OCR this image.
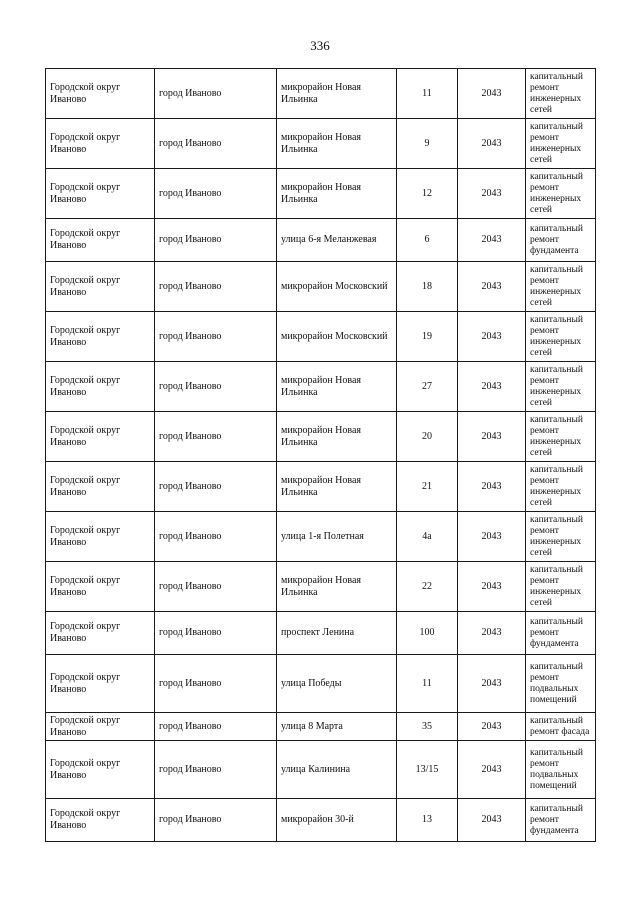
336
Городской округ Иваново	город Иваново	микрорайон Новая Ильинка	11	2043	капитальный ремонт инженерных сетей
Городской округ Иваново	город Иваново	микрорайон Новая Ильинка	9	2043	капитальный ремонт инженерных сетей
Городской округ Иваново	город Иваново	микрорайон Новая Ильинка	12	2043	капитальный ремонт инженерных сетей
Городской округ Иваново	город Иваново	улица 6-я Меланжевая	6	2043	капитальный ремонт фундамента
Городской округ Иваново	город Иваново	микрорайон Московский	18	2043	капитальный ремонт инженерных сетей
Городской округ Иваново	город Иваново	микрорайон Московский	19	2043	капитальный ремонт инженерных сетей
Городской округ Иваново	город Иваново	микрорайон Новая Ильинка	27	2043	капитальный ремонт инженерных сетей
Городской округ Иваново	город Иваново	микрорайон Новая Ильинка	20	2043	капитальный ремонт инженерных сетей
Городской округ Иваново	город Иваново	микрорайон Новая Ильинка	21	2043	капитальный ремонт инженерных сетей
Городской округ Иваново	город Иваново	улица 1-я Полетная	4а	2043	капитальный ремонт инженерных сетей
Городской округ Иваново	город Иваново	микрорайон Новая Ильинка	22	2043	капитальный ремонт инженерных сетей
Городской округ Иваново	город Иваново	проспект Ленина	100	2043	капитальный ремонт фундамента
Городской округ Иваново	город Иваново	улица Победы	11	2043	капитальный ремонт подвальных помещений
Городской округ Иваново	город Иваново	улица 8 Марта	35	2043	капитальный ремонт фасада
Городской округ Иваново	город Иваново	улица Калинина	13/15	2043	капитальный ремонт подвальных помещений
Городской округ Иваново	город Иваново	микрорайон 30-й	13	2043	капитальный ремонт фундамента
